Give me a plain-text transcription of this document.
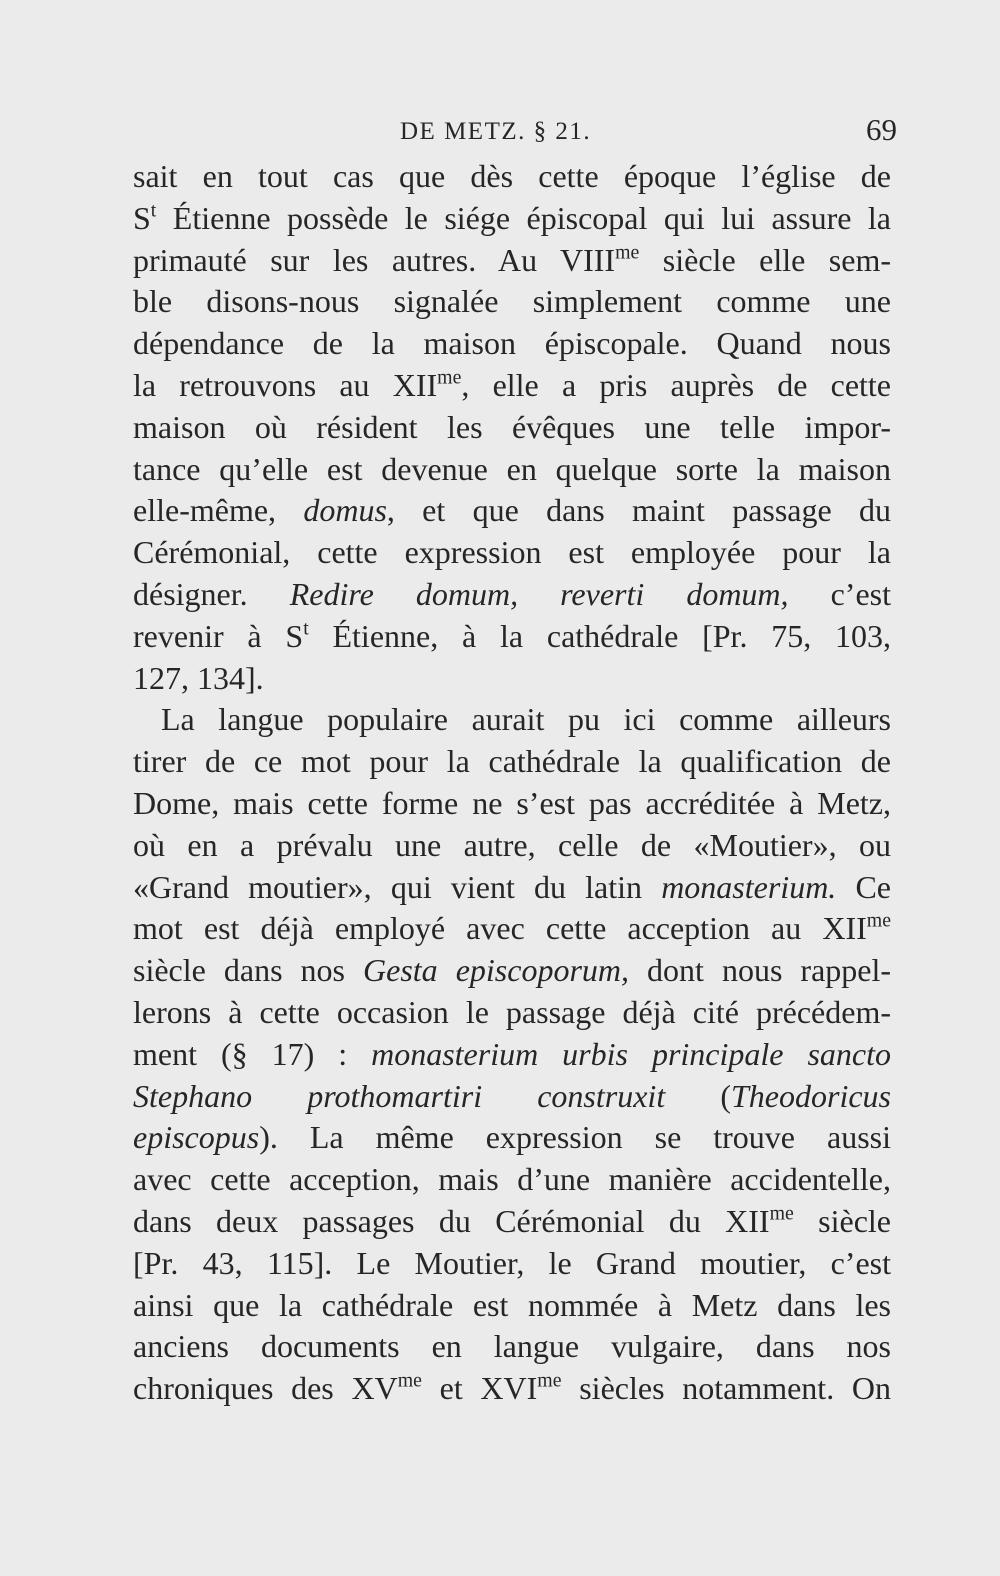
DE METZ. § 21.	69
sait en tout cas que dès cette époque l’église de
$S^t$ Étienne possède le siége épiscopal qui lui assure la
primauté sur les autres. Au $VIII^{me}$ siècle elle sem-
ble disons-nous signalée simplement comme une
dépendance de la maison épiscopale. Quand nous
la retrouvons au $XII^{me}$, elle a pris auprès de cette
maison où résident les évêques une telle impor-
tance qu’elle est devenue en quelque sorte la maison
elle-même, domus, et que dans maint passage du
Cérémonial, cette expression est employée pour la
désigner. Redire domum, reverti domum, c’est
revenir à $S^t$ Étienne, à la cathédrale [Pr. 75, 103,
127, 134].
La langue populaire aurait pu ici comme ailleurs
tirer de ce mot pour la cathédrale la qualification de
Dome, mais cette forme ne s’est pas accréditée à Metz,
où en a prévalu une autre, celle de «Moutier», ou
«Grand moutier», qui vient du latin monasterium. Ce
mot est déjà employé avec cette acception au $XII^{me}$
siècle dans nos Gesta episcoporum, dont nous rappel-
lerons à cette occasion le passage déjà cité précédem-
ment (§ 17) : monasterium urbis principale sancto
Stephano prothomartiri construxit (Theodoricus
episcopus). La même expression se trouve aussi
avec cette acception, mais d’une manière accidentelle,
dans deux passages du Cérémonial du $XII^{me}$ siècle
[Pr. 43, 115]. Le Moutier, le Grand moutier, c’est
ainsi que la cathédrale est nommée à Metz dans les
anciens documents en langue vulgaire, dans nos
chroniques des $XV^{me}$ et $XVI^{me}$ siècles notamment. On
